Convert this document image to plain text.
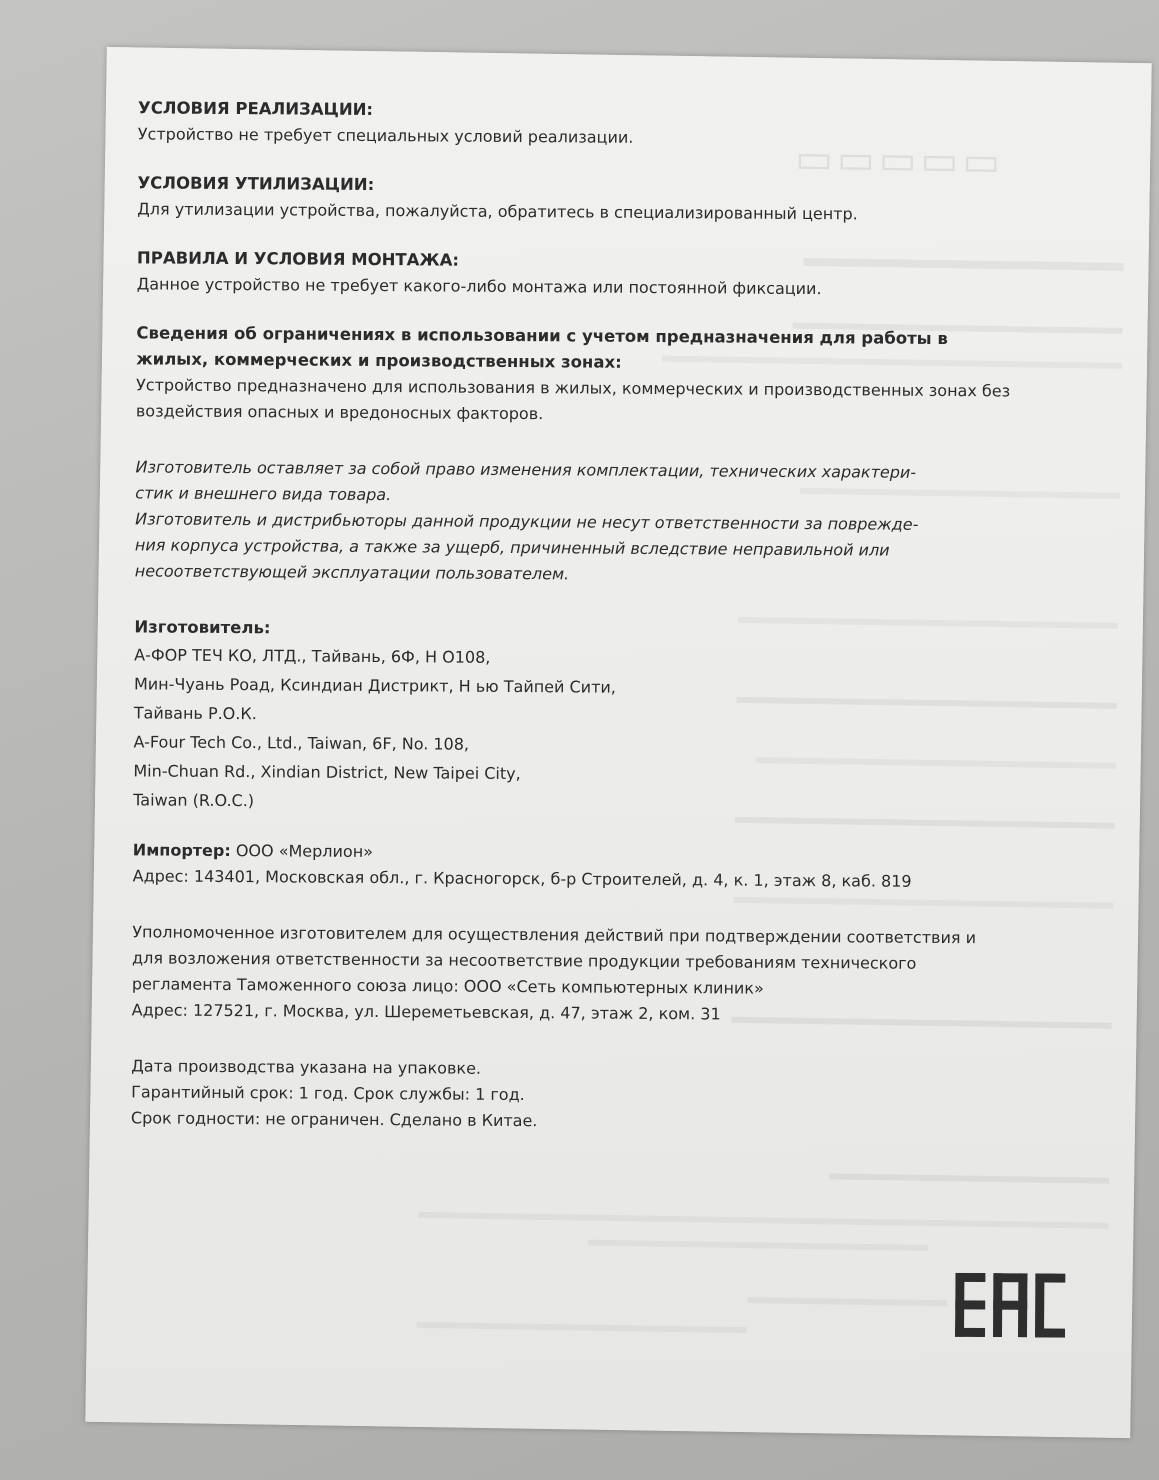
▭▭▭▭▭

УСЛОВИЯ РЕАЛИЗАЦИИ:

Устройство не требует специальных условий реализации.

УСЛОВИЯ УТИЛИЗАЦИИ:

Для утилизации устройства, пожалуйста, обратитесь в специализированный центр.

ПРАВИЛА И УСЛОВИЯ МОНТАЖА:

Данное устройство не требует какого-либо монтажа или постоянной фиксации.

Сведения об ограничениях в использовании с учетом предназначения для работы в
жилых, коммерческих и производственных зонах:

Устройство предназначено для использования в жилых, коммерческих и производственных зонах без
воздействия опасных и вредоносных факторов.

Изготовитель оставляет за собой право изменения комплектации, технических характери-
стик и внешнего вида товара.
Изготовитель и дистрибьюторы данной продукции не несут ответственности за поврежде-
ния корпуса устройства, а также за ущерб, причиненный вследствие неправильной или
несоответствующей эксплуатации пользователем.

Изготовитель:

А-ФОР ТЕЧ КО, ЛТД., Тайвань, 6Ф, Н О108,
Мин-Чуань Роад, Ксиндиан Дистрикт, Н ью Тайпей Сити,
Тайвань Р.О.К.
A-Four Tech Co., Ltd., Taiwan, 6F, No. 108,
Min-Chuan Rd., Xindian District, New Taipei City,
Taiwan (R.O.C.)

Импортер: ООО «Мерлион»

Адрес: 143401, Московская обл., г. Красногорск, б-р Строителей, д. 4, к. 1, этаж 8, каб. 819

Уполномоченное изготовителем для осуществления действий при подтверждении соответствия и
для возложения ответственности за несоответствие продукции требованиям технического
регламента Таможенного союза лицо: ООО «Сеть компьютерных клиник»
Адрес: 127521, г. Москва, ул. Шереметьевская, д. 47, этаж 2, ком. 31

Дата производства указана на упаковке.
Гарантийный срок: 1 год. Срок службы: 1 год.
Срок годности: не ограничен. Сделано в Китае.
